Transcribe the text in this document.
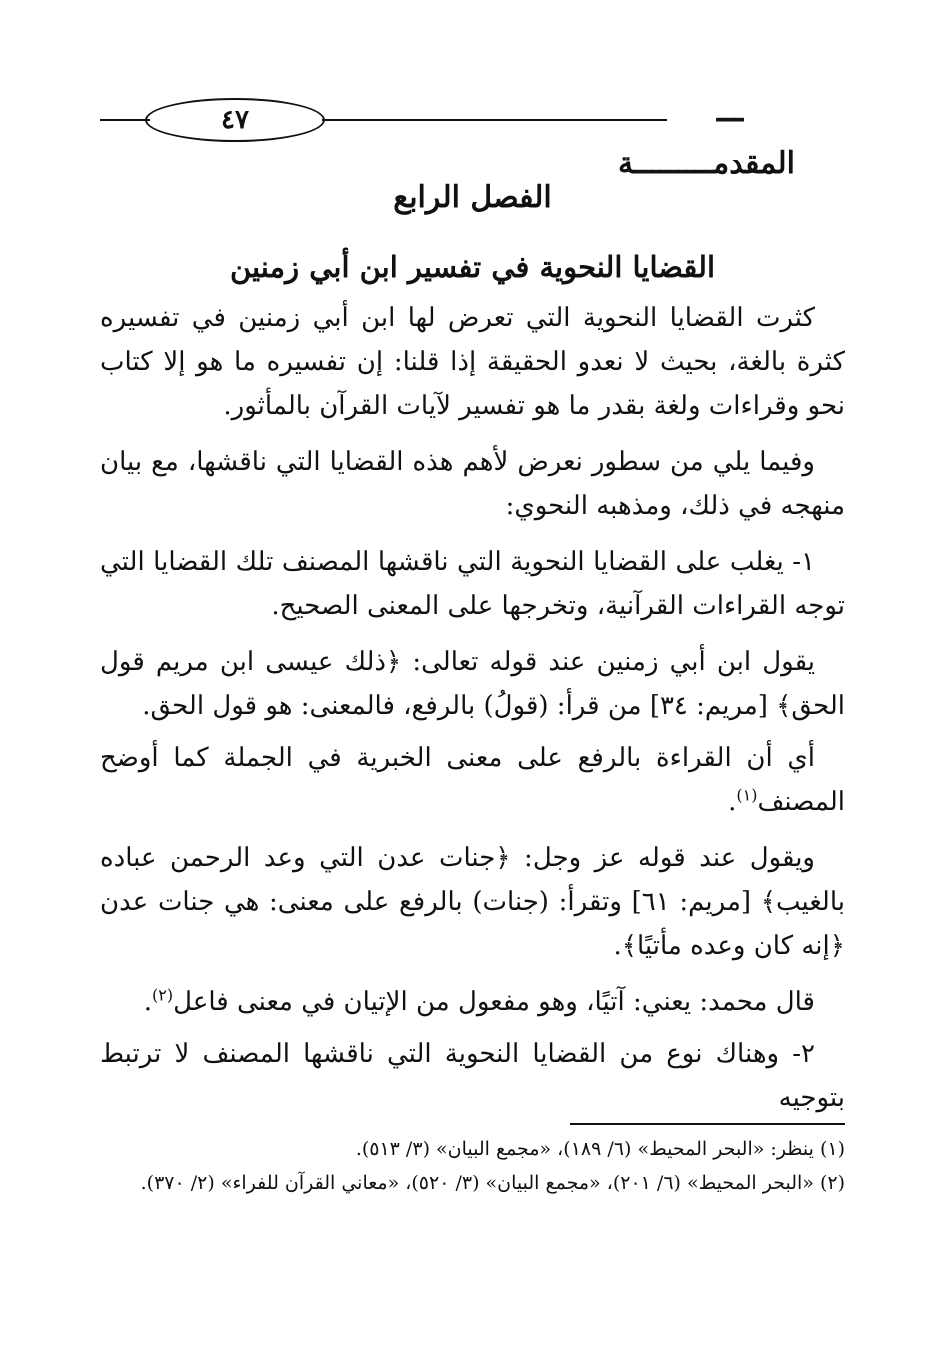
٤٧	ـــ المقدمـــــــــة
الفصل الرابع
القضايا النحوية في تفسير ابن أبي زمنين

كثرت القضايا النحوية التي تعرض لها ابن أبي زمنين في تفسيره كثرة بالغة، بحيث لا نعدو الحقيقة إذا قلنا: إن تفسيره ما هو إلا كتاب نحو وقراءات ولغة بقدر ما هو تفسير لآيات القرآن بالمأثور.

وفيما يلي من سطور نعرض لأهم هذه القضايا التي ناقشها، مع بيان منهجه في ذلك، ومذهبه النحوي:

١- يغلب على القضايا النحوية التي ناقشها المصنف تلك القضايا التي توجه القراءات القرآنية، وتخرجها على المعنى الصحيح.

يقول ابن أبي زمنين عند قوله تعالى: ﴿ذلك عيسى ابن مريم قول الحق﴾ [مريم: ٣٤] من قرأ: (قولُ) بالرفع، فالمعنى: هو قول الحق.

أي أن القراءة بالرفع على معنى الخبرية في الجملة كما أوضح المصنف$^{(١)}$.

ويقول عند قوله عز وجل: ﴿جنات عدن التي وعد الرحمن عباده بالغيب﴾ [مريم: ٦١] وتقرأ: (جنات) بالرفع على معنى: هي جنات عدن ﴿إنه كان وعده مأتيًا﴾.

قال محمد: يعني: آتيًا، وهو مفعول من الإتيان في معنى فاعل$^{(٢)}$.

٢- وهناك نوع من القضايا النحوية التي ناقشها المصنف لا ترتبط بتوجيه

(١) ينظر: «البحر المحيط» (٦/ ١٨٩)، «مجمع البيان» (٣/ ٥١٣).

(٢) «البحر المحيط» (٦/ ٢٠١)، «مجمع البيان» (٣/ ٥٢٠)، «معاني القرآن للفراء» (٢/ ٣٧٠).
